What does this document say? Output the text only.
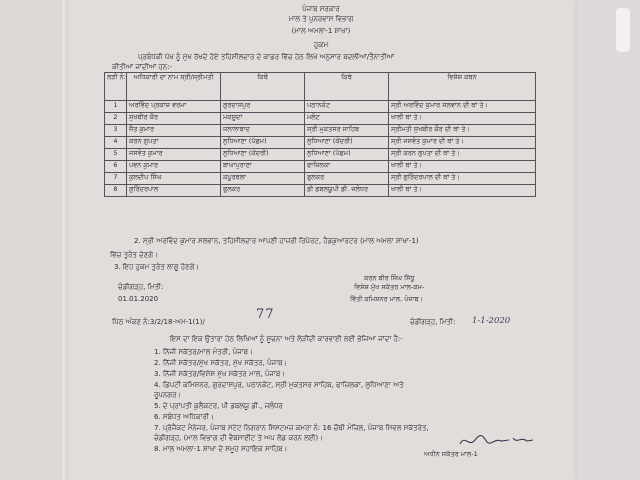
ਪੰਜਾਬ ਸਰਕਾਰ
ਮਾਲ ਤੇ ਪੁਨਰਵਾਸ ਵਿਭਾਗ
(ਮਾਲ ਅਮਲਾ-1 ਸ਼ਾਖਾ)
ਹੁਕਮ
ਪ੍ਰਬੰਧਕੀ ਪੱਖ ਨੂੰ ਮੁੱਖ ਰੱਖਦੇ ਹੋਏ ਤਹਿਸੀਲਦਾਰ ਦੇ ਕਾਡਰ ਵਿੱਚ ਹੇਠ ਲਿਖੇ ਅਨੁਸਾਰ ਬਦਲੀਆਂ/ਤੈਨਾਤੀਆਂ
ਕੀਤੀਆਂ ਜਾਂਦੀਆਂ ਹਨ:-
ਲੜੀ ਨੰ:	ਅਧਿਕਾਰੀ ਦਾ ਨਾਮ ਸ੍ਰੀ/ਸ੍ਰੀਮਤੀ	ਕਿਥੋਂ	ਕਿਥੇ	ਵਿਸ਼ੇਸ਼ ਕਥਨ
1	ਅਰਵਿੰਦ ਪ੍ਰਕਾਸ਼ ਵਰਮਾ	ਗੁਰਦਾਸਪੁਰ	ਪਠਾਨਕੋਟ	ਸ੍ਰੀ ਅਰਵਿੰਦ ਕੁਮਾਰ ਸਲਵਾਨ ਦੀ ਥਾਂ ਤੇ।
2	ਸੁਖਬੀਰ ਕੌਰ	ਮਕਸੂਦਾਂ	ਮਲੋਟ	ਖਾਲੀ ਥਾਂ ਤੇ।
3	ਜੈਤ ਕੁਮਾਰ	ਜਲਾਲਾਬਾਦ	ਸ੍ਰੀ ਮੁਕਤਸਰ ਸਾਹਿਬ	ਸ੍ਰੀਮਤੀ ਸੁਖਬੀਰ ਕੌਰ ਦੀ ਥਾਂ ਤੇ।
4	ਕਰਨ ਗੁਪਤਾ	ਲੁਧਿਆਣਾ (ਪੱਛਮ)	ਲੁਧਿਆਣਾ (ਕੇਂਦਰੀ)	ਸ੍ਰੀ ਜਸਵੰਤ ਕੁਮਾਰ ਦੀ ਥਾਂ ਤੇ।
5	ਜਸਵੰਤ ਕੁਮਾਰ	ਲੁਧਿਆਣਾ (ਕੇਂਦਰੀ)	ਲੁਧਿਆਣਾ (ਪੱਛਮ)	ਸ੍ਰੀ ਕਰਨ ਗੁਪਤਾ ਦੀ ਥਾਂ ਤੇ।
6	ਪਵਨ ਕੁਮਾਰ	ਬਾਘਾਪੁਰਾਣਾ	ਫਾਜ਼ਿਲਕਾ	ਖਾਲੀ ਥਾਂ ਤੇ।
7	ਕੁਲਦੀਪ ਸਿੰਘ	ਕਪੂਰਥਲਾ	ਫੁਲਕਰ	ਸ੍ਰੀ ਗੁਰਿੰਦਰਪਾਲ ਦੀ ਥਾਂ ਤੇ।
8	ਗੁਰਿੰਦਰਪਾਲ	ਫੁਲਕਰ	ਡੀ ਡਬਲਯੂਪੀ ਡੀ. ਜਲੰਧਰ	ਖਾਲੀ ਥਾਂ ਤੇ।
2. ਸ੍ਰੀ ਅਰਵਿੰਦ ਕੁਮਾਰ ਸਲਵਾਨ, ਤਹਿਸੀਲਦਾਰ ਆਪਣੀ ਹਾਜ਼ਰੀ ਰਿਪੋਰਟ, ਹੈਡਕੁਆਰਟਰ (ਮਾਲ ਅਮਲਾ ਸ਼ਾਖਾ-1)
ਵਿੱਚ ਤੁਰੰਤ ਦੇਣਗੇ।
3. ਇਹ ਹੁਕਮ ਤੁਰੰਤ ਲਾਗੂ ਹੋਣਗੇ।
ਕਰਨ ਬੀਰ ਸਿੰਘ ਸਿੱਧੂ
ਚੰਡੀਗੜ੍ਹ, ਮਿਤੀ:	ਵਿਸ਼ੇਸ਼ ਮੁੱਖ ਸਕੱਤਰ ਮਾਲ-ਕਮ-
01.01.2020	ਵਿੱਤੀ ਕਮਿਸ਼ਨਰ ਮਾਲ, ਪੰਜਾਬ।
ਪਿੱਠ ਅੰਕਣ ਨੰ:3/2/18-ਅਮ-1(1)/	77	ਚੰਡੀਗੜ੍ਹ, ਮਿਤੀ: 1-1-2020
ਇਸ ਦਾ ਇਕ ਉਤਾਰਾ ਹੇਠ ਲਿਖਿਆਂ ਨੂੰ ਸੂਚਨਾ ਅਤੇ ਲੋੜੀਂਦੀ ਕਾਰਵਾਈ ਲਈ ਭੇਜਿਆ ਜਾਂਦਾ ਹੈ:-
1. ਨਿੱਜੀ ਸਕੱਤਰ/ਮਾਲ ਮੰਤਰੀ, ਪੰਜਾਬ।
2. ਨਿੱਜੀ ਸਕੱਤਰ/ਮੁੱਖ ਸਕੱਤਰ, ਮੁੱਖ ਸਕੱਤਰ, ਪੰਜਾਬ।
3. ਨਿੱਜੀ ਸਕੱਤਰ/ਵਿਸ਼ੇਸ਼ ਮੁੱਖ ਸਕੱਤਰ ਮਾਲ, ਪੰਜਾਬ।
4. ਡਿਪਟੀ ਕਮਿਸ਼ਨਰ, ਗੁਰਦਾਸਪੁਰ, ਪਠਾਨਕੋਟ, ਸ੍ਰੀ ਮੁਕਤਸਰ ਸਾਹਿਬ, ਫਾਜ਼ਿਲਕਾ, ਲੁਧਿਆਣਾ ਅਤੇ
ਰੂਪਨਗਰ।
5. ਦੇ ਪ੍ਰਾਪਤੀ ਕੁਲੈਕਟਰ, ਪੀ ਡਬਲਯੂ ਡੀ., ਜਲੰਧਰ
6. ਸਬੰਧਤ ਅਧਿਕਾਰੀ।
7. ਪ੍ਰੋਜੈਕਟ ਮੈਨੇਜਰ, ਪੰਜਾਬ ਸਟੇਟ ਨਿਗਰਾਨ ਸਿਸਟਮਜ਼ ਕਮਰਾ ਨੰ: 16 ਚੌਥੀ ਮੰਜ਼ਿਲ, ਪੰਜਾਬ ਸਿਵਲ ਸਕੱਤਰੇਤ,
ਚੰਡੀਗੜ੍ਹ, (ਮਾਲ ਵਿਭਾਗ ਦੀ ਵੈਬਸਾਈਟ ਤੇ ਅਪ ਲੋਡ ਕਰਨ ਲਈ)।
8. ਮਾਲ ਅਮਲਾ-1 ਸ਼ਾਖਾ ਦੇ ਸਮੂਹ ਸਹਾਇਕ ਸਾਹਿਬ।
ਅਧੀਨ ਸਕੱਤਰ ਮਾਲ-1
